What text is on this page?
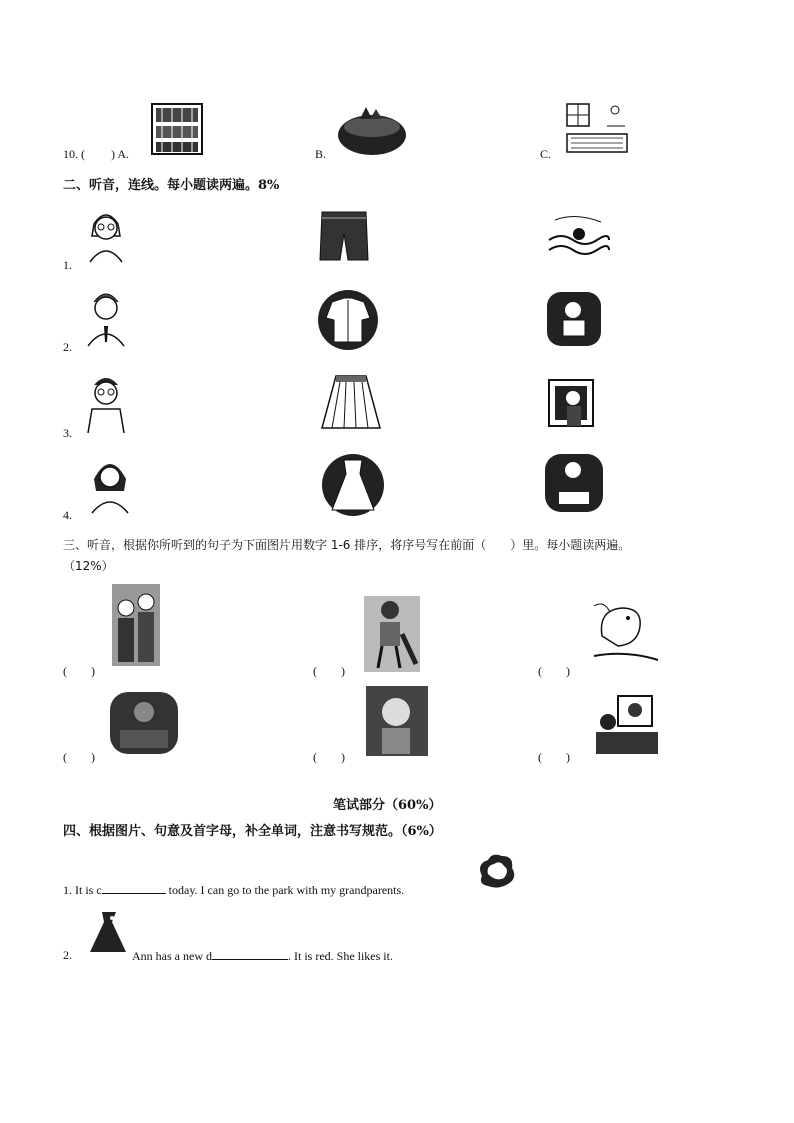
10. ( ) A.	B.	C.
二、听音，连线。每小题读两遍。8%
1.
2.
3.
4.
三、听音，根据你所听到的句子为下面图片用数字 1-6 排序，将序号写在前面（　　）里。每小题读两遍。
（12%）
( )	( )	( )
( )	( )	( )
笔试部分（60%）
四、根据图片、句意及首字母，补全单词，注意书写规范。（6%）
1. It is c	today. I can go to the park with my grandparents.
2.	Ann has a new d	. It is red. She likes it.
